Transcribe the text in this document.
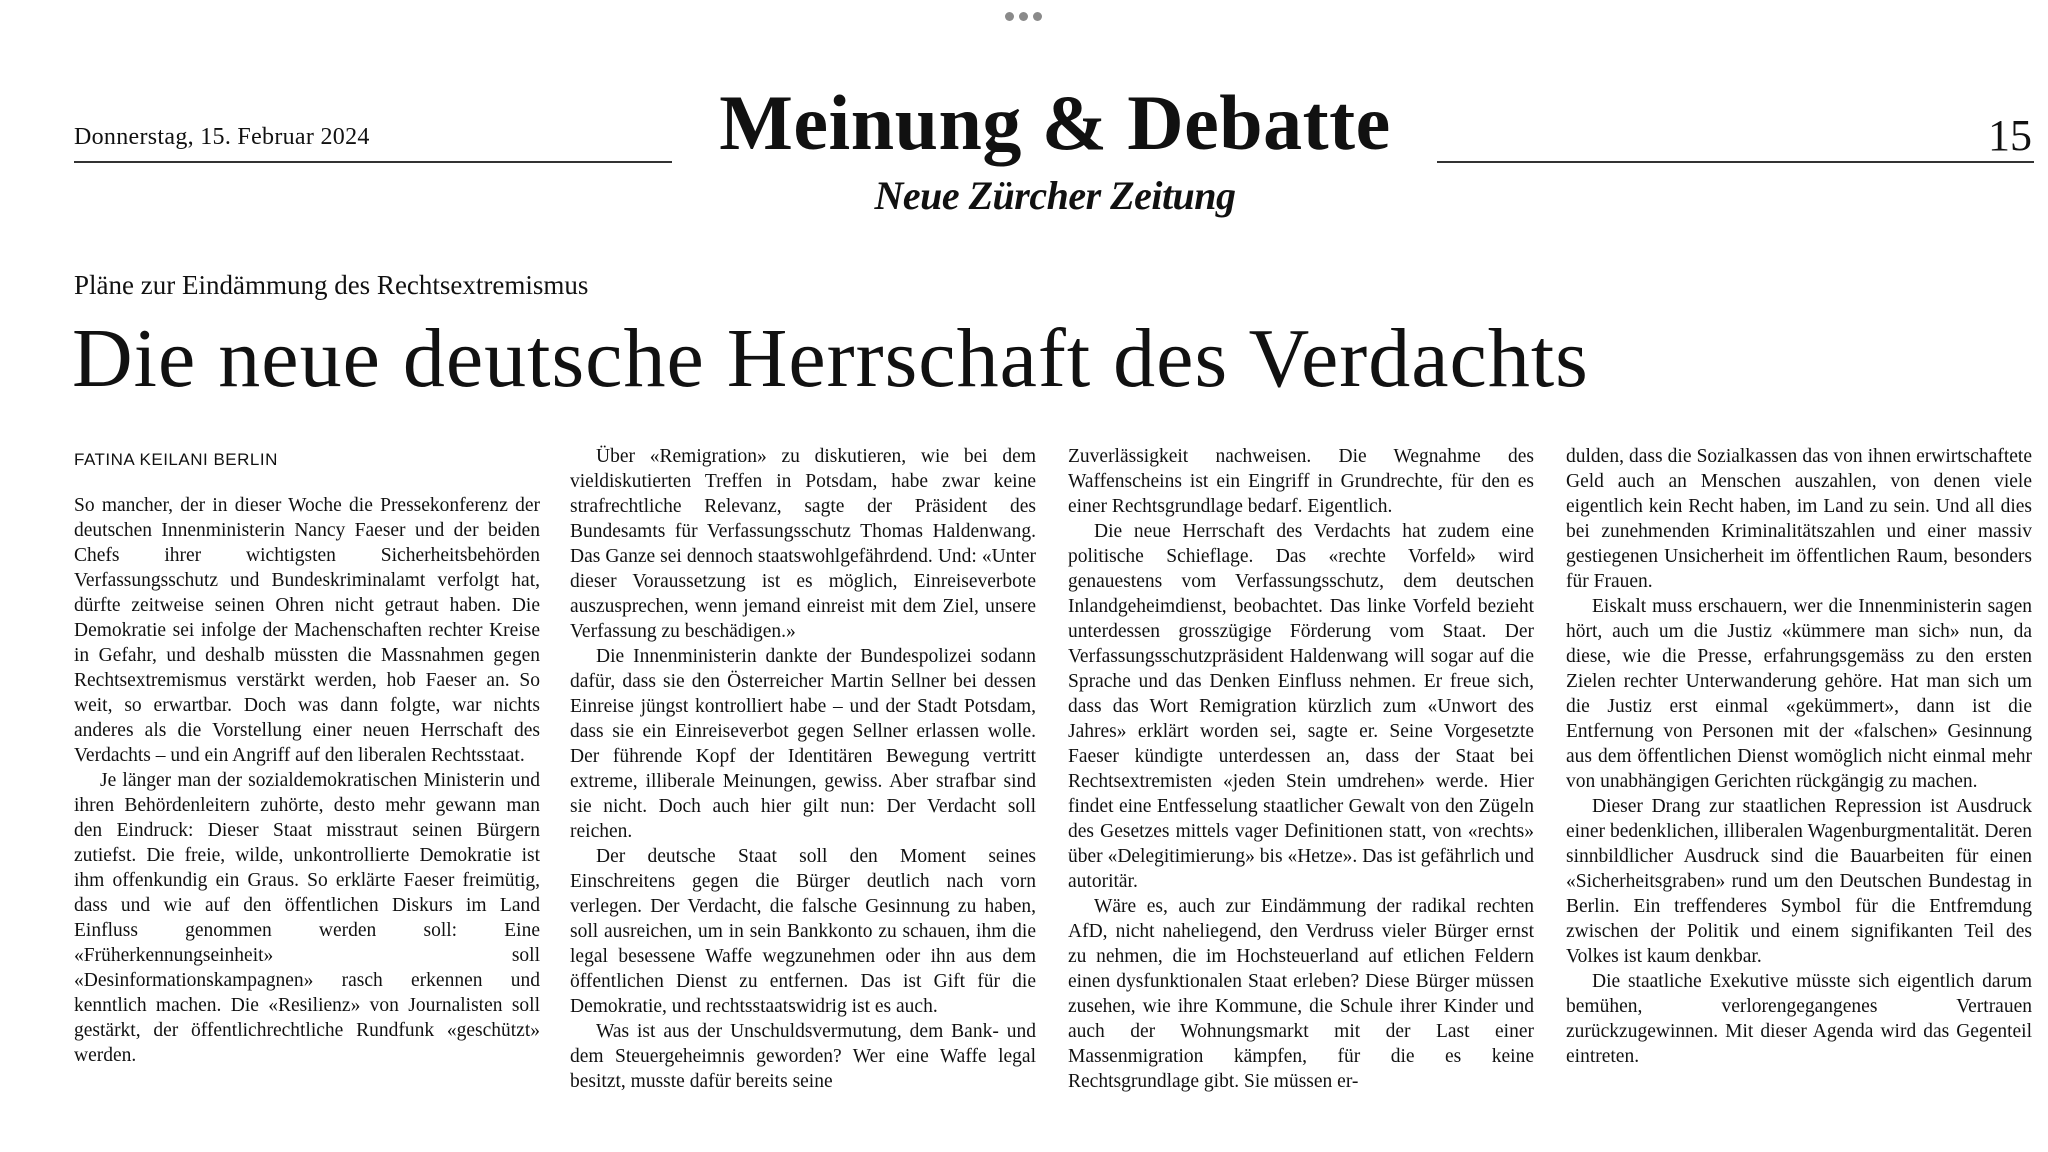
Donnerstag, 15. Februar 2024	Meinung & Debatte	15
Neue Zürcher Zeitung
Pläne zur Eindämmung des Rechtsextremismus
Die neue deutsche Herrschaft des Verdachts
FATINA KEILANI BERLIN

So mancher, der in dieser Woche die Pressekonferenz der deutschen Innenministerin Nancy Faeser und der beiden Chefs ihrer wichtigsten Sicherheitsbehörden Verfassungsschutz und Bundeskriminalamt verfolgt hat, dürfte zeitweise seinen Ohren nicht getraut haben. Die Demokratie sei infolge der Machenschaften rechter Kreise in Gefahr, und deshalb müssten die Massnahmen gegen Rechtsextremismus verstärkt werden, hob Faeser an. So weit, so erwartbar. Doch was dann folgte, war nichts anderes als die Vorstellung einer neuen Herrschaft des Verdachts – und ein Angriff auf den liberalen Rechtsstaat.

Je länger man der sozialdemokratischen Ministerin und ihren Behördenleitern zuhörte, desto mehr gewann man den Eindruck: Dieser Staat misstraut seinen Bürgern zutiefst. Die freie, wilde, unkontrollierte Demokratie ist ihm offenkundig ein Graus. So erklärte Faeser freimütig, dass und wie auf den öffentlichen Diskurs im Land Einfluss genommen werden soll: Eine «Früherkennungseinheit» soll «Desinformationskampagnen» rasch erkennen und kenntlich machen. Die «Resilienz» von Journalisten soll gestärkt, der öffentlichrechtliche Rundfunk «geschützt» werden.

Über «Remigration» zu diskutieren, wie bei dem vieldiskutierten Treffen in Potsdam, habe zwar keine strafrechtliche Relevanz, sagte der Präsident des Bundesamts für Verfassungsschutz Thomas Haldenwang. Das Ganze sei dennoch staatswohlgefährdend. Und: «Unter dieser Voraussetzung ist es möglich, Einreiseverbote auszusprechen, wenn jemand einreist mit dem Ziel, unsere Verfassung zu beschädigen.»

Die Innenministerin dankte der Bundespolizei sodann dafür, dass sie den Österreicher Martin Sellner bei dessen Einreise jüngst kontrolliert habe – und der Stadt Potsdam, dass sie ein Einreiseverbot gegen Sellner erlassen wolle. Der führende Kopf der Identitären Bewegung vertritt extreme, illiberale Meinungen, gewiss. Aber strafbar sind sie nicht. Doch auch hier gilt nun: Der Verdacht soll reichen.

Der deutsche Staat soll den Moment seines Einschreitens gegen die Bürger deutlich nach vorn verlegen. Der Verdacht, die falsche Gesinnung zu haben, soll ausreichen, um in sein Bankkonto zu schauen, ihm die legal besessene Waffe wegzunehmen oder ihn aus dem öffentlichen Dienst zu entfernen. Das ist Gift für die Demokratie, und rechtsstaatswidrig ist es auch.

Was ist aus der Unschuldsvermutung, dem Bank- und dem Steuergeheimnis geworden? Wer eine Waffe legal besitzt, musste dafür bereits seine

Zuverlässigkeit nachweisen. Die Wegnahme des Waffenscheins ist ein Eingriff in Grundrechte, für den es einer Rechtsgrundlage bedarf. Eigentlich.

Die neue Herrschaft des Verdachts hat zudem eine politische Schieflage. Das «rechte Vorfeld» wird genauestens vom Verfassungsschutz, dem deutschen Inlandgeheimdienst, beobachtet. Das linke Vorfeld bezieht unterdessen grosszügige Förderung vom Staat. Der Verfassungsschutzpräsident Haldenwang will sogar auf die Sprache und das Denken Einfluss nehmen. Er freue sich, dass das Wort Remigration kürzlich zum «Unwort des Jahres» erklärt worden sei, sagte er. Seine Vorgesetzte Faeser kündigte unterdessen an, dass der Staat bei Rechtsextremisten «jeden Stein umdrehen» werde. Hier findet eine Entfesselung staatlicher Gewalt von den Zügeln des Gesetzes mittels vager Definitionen statt, von «rechts» über «Delegitimierung» bis «Hetze». Das ist gefährlich und autoritär.

Wäre es, auch zur Eindämmung der radikal rechten AfD, nicht naheliegend, den Verdruss vieler Bürger ernst zu nehmen, die im Hochsteuerland auf etlichen Feldern einen dysfunktionalen Staat erleben? Diese Bürger müssen zusehen, wie ihre Kommune, die Schule ihrer Kinder und auch der Wohnungsmarkt mit der Last einer Massenmigration kämpfen, für die es keine Rechtsgrundlage gibt. Sie müssen er-

dulden, dass die Sozialkassen das von ihnen erwirtschaftete Geld auch an Menschen auszahlen, von denen viele eigentlich kein Recht haben, im Land zu sein. Und all dies bei zunehmenden Kriminalitätszahlen und einer massiv gestiegenen Unsicherheit im öffentlichen Raum, besonders für Frauen.

Eiskalt muss erschauern, wer die Innenministerin sagen hört, auch um die Justiz «kümmere man sich» nun, da diese, wie die Presse, erfahrungsgemäss zu den ersten Zielen rechter Unterwanderung gehöre. Hat man sich um die Justiz erst einmal «gekümmert», dann ist die Entfernung von Personen mit der «falschen» Gesinnung aus dem öffentlichen Dienst womöglich nicht einmal mehr von unabhängigen Gerichten rückgängig zu machen.

Dieser Drang zur staatlichen Repression ist Ausdruck einer bedenklichen, illiberalen Wagenburgmentalität. Deren sinnbildlicher Ausdruck sind die Bauarbeiten für einen «Sicherheitsgraben» rund um den Deutschen Bundestag in Berlin. Ein treffenderes Symbol für die Entfremdung zwischen der Politik und einem signifikanten Teil des Volkes ist kaum denkbar.

Die staatliche Exekutive müsste sich eigentlich darum bemühen, verlorengegangenes Vertrauen zurückzugewinnen. Mit dieser Agenda wird das Gegenteil eintreten.
